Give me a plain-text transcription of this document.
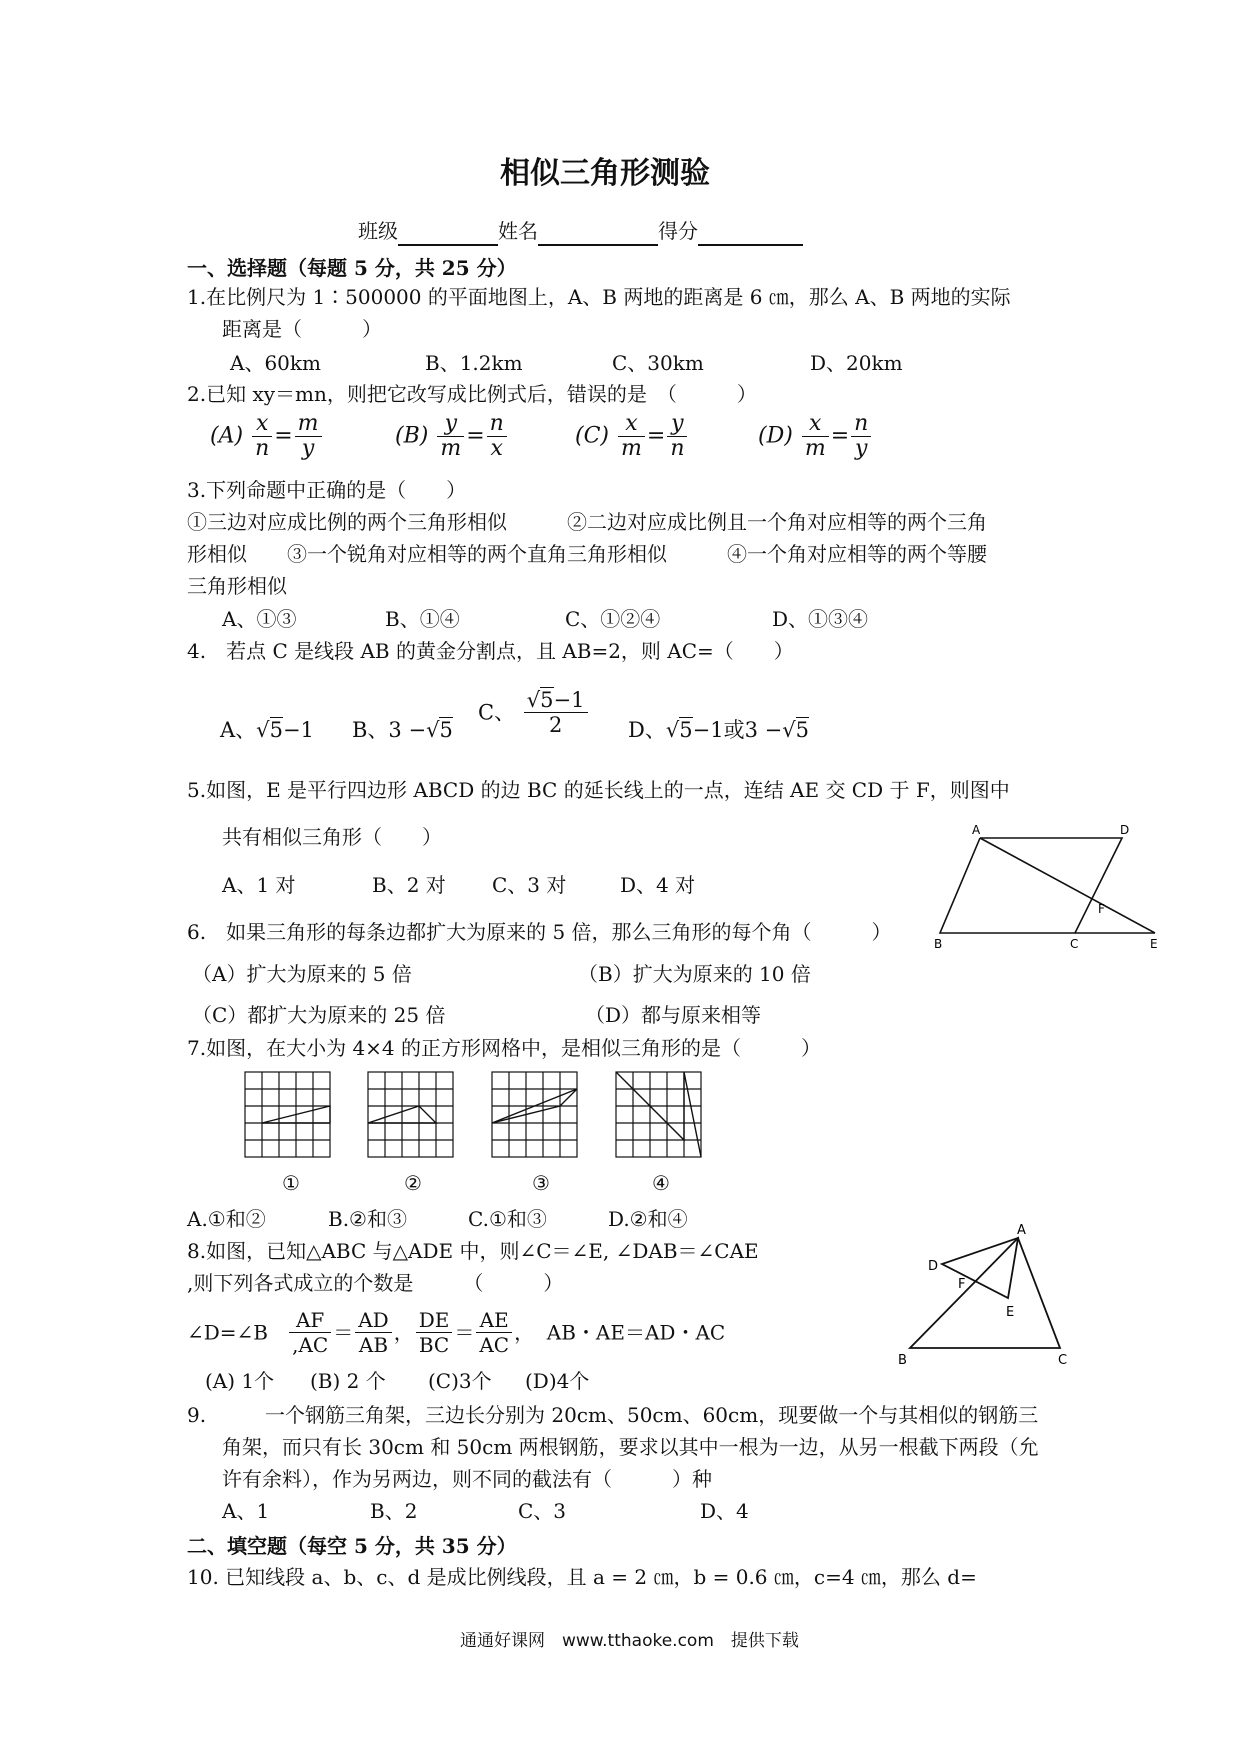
相似三角形测验
班级	姓名	得分
一、选择题（每题 5 分，共 25 分）
1.在比例尺为 1∶500000 的平面地图上，A、B 两地的距离是 6 ㎝，那么 A、B 两地的实际
距离是（　　　）
A、60km	B、1.2km	C、30km	D、20km
2.已知 xy＝mn，则把它改写成比例式后，错误的是　（　　　）
$(A) \frac{x}{n} = \frac{m}{y}$	$(B) \frac{y}{m} = \frac{n}{x}$	$(C) \frac{x}{m} = \frac{y}{n}$	$(D) \frac{x}{m} = \frac{n}{y}$
3.下列命题中正确的是（　　）
①三边对应成比例的两个三角形相似　　　②二边对应成比例且一个角对应相等的两个三角
形相似　　③一个锐角对应相等的两个直角三角形相似　　　④一个角对应相等的两个等腰
三角形相似
A、①③	B、①④	C、①②④	D、①③④
4.　若点 C 是线段 AB 的黄金分割点，且 AB=2，则 AC=（　　）
A、√5−1 B、3 −√5
C、 $\frac{√5-1}{2}$ D、√5−1或3 −√5
5.如图，E 是平行四边形 ABCD 的边 BC 的延长线上的一点，连结 AE 交 CD 于 F，则图中
共有相似三角形（　　）
A、1 对	B、2 对 C、3 对	D、4 对
A	D
F
B	C	E
6.　如果三角形的每条边都扩大为原来的 5 倍，那么三角形的每个角（　　　）
（A）扩大为原来的 5 倍	（B）扩大为原来的 10 倍
（C）都扩大为原来的 25 倍	（D）都与原来相等
7.如图，在大小为 4×4 的正方形网格中，是相似三角形的是（　　　）
①	②	③	④
A.①和②	B.②和③	C.①和③	D.②和④
8.如图，已知△ABC 与△ADE 中，则∠C＝∠E, ∠DAB＝∠CAE
,则下列各式成立的个数是　　　（　　　）
∠D=∠B $\frac{AF}{,AC} = \frac{AD}{AB}$ ， $\frac{DE}{BC} = \frac{AE}{AC}$ ，  AB・AE＝AD・AC
(A) 1个 (B) 2 个 (C)3个 (D)4个
A
D
F
E
B	C
9.	一个钢筋三角架，三边长分别为 20cm、50cm、60cm，现要做一个与其相似的钢筋三
角架，而只有长 30cm 和 50cm 两根钢筋，要求以其中一根为一边，从另一根截下两段（允
许有余料），作为另两边，则不同的截法有（　　　）种
A、1	B、2	C、3	D、4
二、填空题（每空 5 分，共 35 分）
10. 已知线段 a、b、c、d 是成比例线段，且 a = 2 ㎝，b = 0.6 ㎝，c=4 ㎝，那么 d=
通通好课网　www.tthaoke.com　提供下载
